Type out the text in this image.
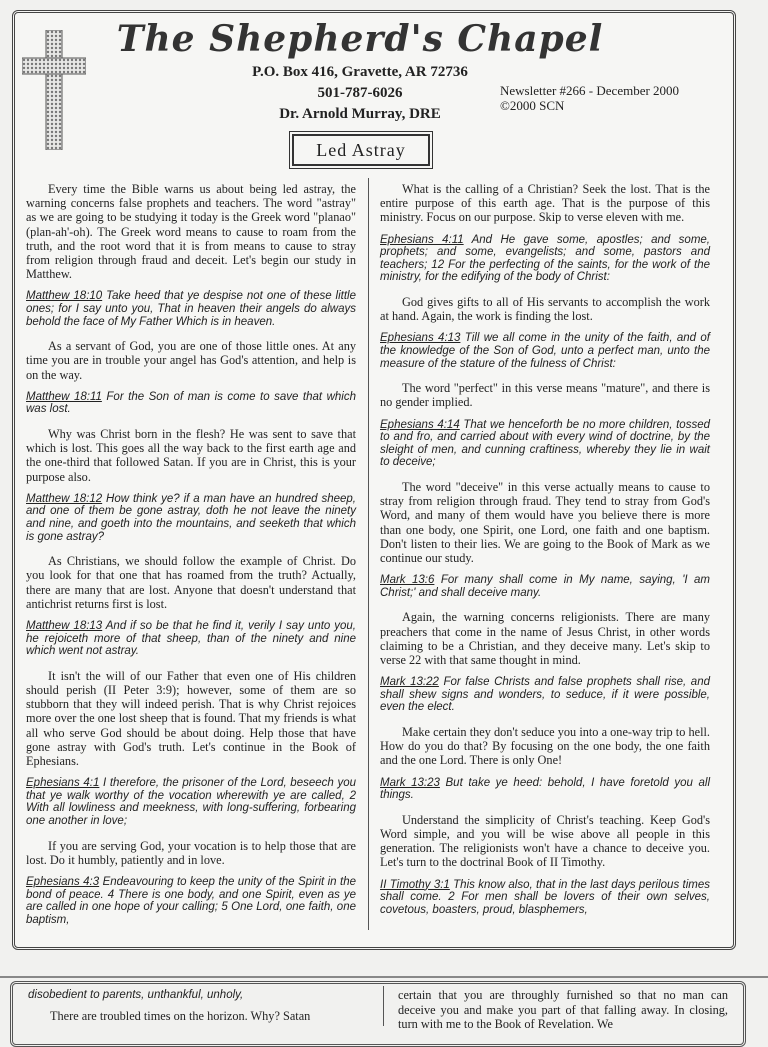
The Shepherd's Chapel
P.O. Box 416, Gravette, AR 72736
501-787-6026
Dr. Arnold Murray, DRE
Newsletter #266 - December 2000
©2000 SCN
Led Astray

Every time the Bible warns us about being led astray, the warning concerns false prophets and teachers. The word "astray" as we are going to be studying it today is the Greek word "planao" (plan-ah'-oh). The Greek word means to cause to roam from the truth, and the root word that it is from means to cause to stray from religion through fraud and deceit. Let's begin our study in Matthew.

Matthew 18:10 Take heed that ye despise not one of these little ones; for I say unto you, That in heaven their angels do always behold the face of My Father Which is in heaven.

As a servant of God, you are one of those little ones. At any time you are in trouble your angel has God's attention, and help is on the way.

Matthew 18:11 For the Son of man is come to save that which was lost.

Why was Christ born in the flesh? He was sent to save that which is lost. This goes all the way back to the first earth age and the one-third that followed Satan. If you are in Christ, this is your purpose also.

Matthew 18:12 How think ye? if a man have an hundred sheep, and one of them be gone astray, doth he not leave the ninety and nine, and goeth into the mountains, and seeketh that which is gone astray?

As Christians, we should follow the example of Christ. Do you look for that one that has roamed from the truth? Actually, there are many that are lost. Anyone that doesn't understand that antichrist returns first is lost.

Matthew 18:13 And if so be that he find it, verily I say unto you, he rejoiceth more of that sheep, than of the ninety and nine which went not astray.

It isn't the will of our Father that even one of His children should perish (II Peter 3:9); however, some of them are so stubborn that they will indeed perish. That is why Christ rejoices more over the one lost sheep that is found. That my friends is what all who serve God should be about doing. Help those that have gone astray with God's truth. Let's continue in the Book of Ephesians.

Ephesians 4:1 I therefore, the prisoner of the Lord, beseech you that ye walk worthy of the vocation wherewith ye are called, 2 With all lowliness and meekness, with long-suffering, forbearing one another in love;

If you are serving God, your vocation is to help those that are lost. Do it humbly, patiently and in love.

Ephesians 4:3 Endeavouring to keep the unity of the Spirit in the bond of peace. 4 There is one body, and one Spirit, even as ye are called in one hope of your calling; 5 One Lord, one faith, one baptism,

What is the calling of a Christian? Seek the lost. That is the entire purpose of this earth age. That is the purpose of this ministry. Focus on our purpose. Skip to verse eleven with me.

Ephesians 4:11 And He gave some, apostles; and some, prophets; and some, evangelists; and some, pastors and teachers; 12 For the perfecting of the saints, for the work of the ministry, for the edifying of the body of Christ:

God gives gifts to all of His servants to accomplish the work at hand. Again, the work is finding the lost.

Ephesians 4:13 Till we all come in the unity of the faith, and of the knowledge of the Son of God, unto a perfect man, unto the measure of the stature of the fulness of Christ:

The word "perfect" in this verse means "mature", and there is no gender implied.

Ephesians 4:14 That we henceforth be no more children, tossed to and fro, and carried about with every wind of doctrine, by the sleight of men, and cunning craftiness, whereby they lie in wait to deceive;

The word "deceive" in this verse actually means to cause to stray from religion through fraud. They tend to stray from God's Word, and many of them would have you believe there is more than one body, one Spirit, one Lord, one faith and one baptism. Don't listen to their lies. We are going to the Book of Mark as we continue our study.

Mark 13:6 For many shall come in My name, saying, 'I am Christ;' and shall deceive many.

Again, the warning concerns religionists. There are many preachers that come in the name of Jesus Christ, in other words claiming to be a Christian, and they deceive many. Let's skip to verse 22 with that same thought in mind.

Mark 13:22 For false Christs and false prophets shall rise, and shall shew signs and wonders, to seduce, if it were possible, even the elect.

Make certain they don't seduce you into a one-way trip to hell. How do you do that? By focusing on the one body, the one faith and the one Lord. There is only One!

Mark 13:23 But take ye heed: behold, I have foretold you all things.

Understand the simplicity of Christ's teaching. Keep God's Word simple, and you will be wise above all people in this generation. The religionists won't have a chance to deceive you. Let's turn to the doctrinal Book of II Timothy.

II Timothy 3:1 This know also, that in the last days perilous times shall come. 2 For men shall be lovers of their own selves, covetous, boasters, proud, blasphemers,

disobedient to parents, unthankful, unholy,
There are troubled times on the horizon. Why? Satan
certain that you are throughly furnished so that no man can deceive you and make you part of that falling away. In closing, turn with me to the Book of Revelation. We
